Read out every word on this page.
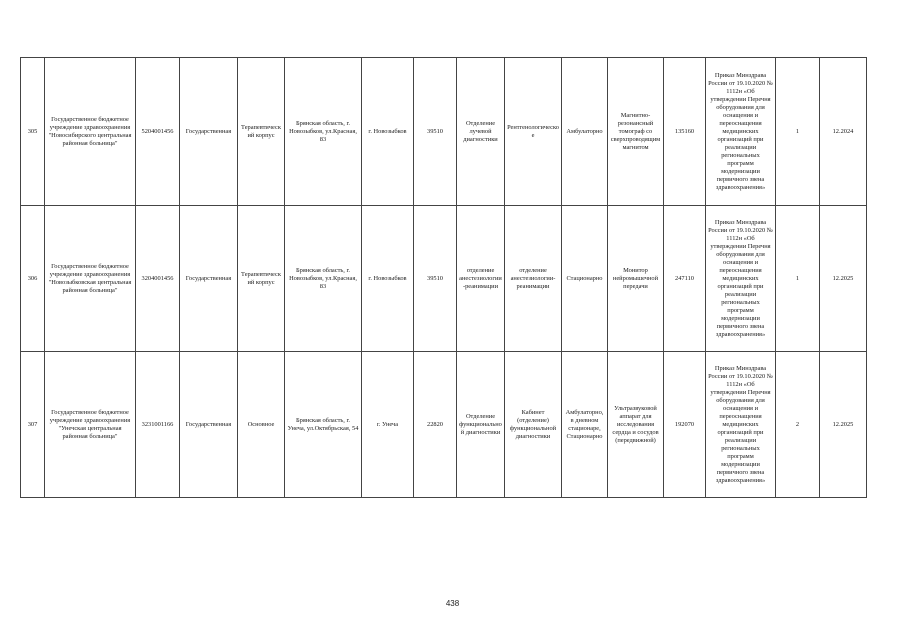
305	Государственное бюджетное учреждение здравоохранения "Новосибирского центральная районная больница"	5204001456	Государственная	Терапевтический корпус	Брянская область, г. Новозыбков, ул.Красная, 83	г. Новозыбков	39510	Отделение лучевой диагностики	Рентгенологическое	Амбулаторно	Магнитно-резонансный томограф со сверхпроводящим магнитом	135160	Приказ Минздрава России от 19.10.2020 № 1112н «Об утверждении Перечня оборудования для оснащения и переоснащения медицинских организаций при реализации региональных программ модернизации первичного звена здравоохранения»	1	12.2024
306	Государственное бюджетное учреждение здравоохранения "Новозыбковская центральная районная больница"	3204001456	Государственная	Терапевтический корпус	Брянская область, г. Новозыбков, ул.Красная, 83	г. Новозыбков	39510	отделение анестезиологии-реанимации	отделение анестезиологии-реанимации	Стационарно	Монитор нейромышечной передачи	247110	Приказ Минздрава России от 19.10.2020 № 1112н «Об утверждении Перечня оборудования для оснащения и переоснащения медицинских организаций при реализации региональных программ модернизации первичного звена здравоохранения»	1	12.2025
307	Государственное бюджетное учреждение здравоохранения "Унечская центральная районная больница"	3231001166	Государственная	Основное	Брянская область, г. Унеча, ул.Октябрьская, 54	г. Унеча	22820	Отделение функциональной диагностики	Кабинет (отделение) функциональной диагностики	Амбулаторно, в дневном стационаре, Стационарно	Ультразвуковой аппарат для исследования сердца и сосудов (передвижной)	192070	Приказ Минздрава России от 19.10.2020 № 1112н «Об утверждении Перечня оборудования для оснащения и переоснащения медицинских организаций при реализации региональных программ модернизации первичного звена здравоохранения»	2	12.2025
438
